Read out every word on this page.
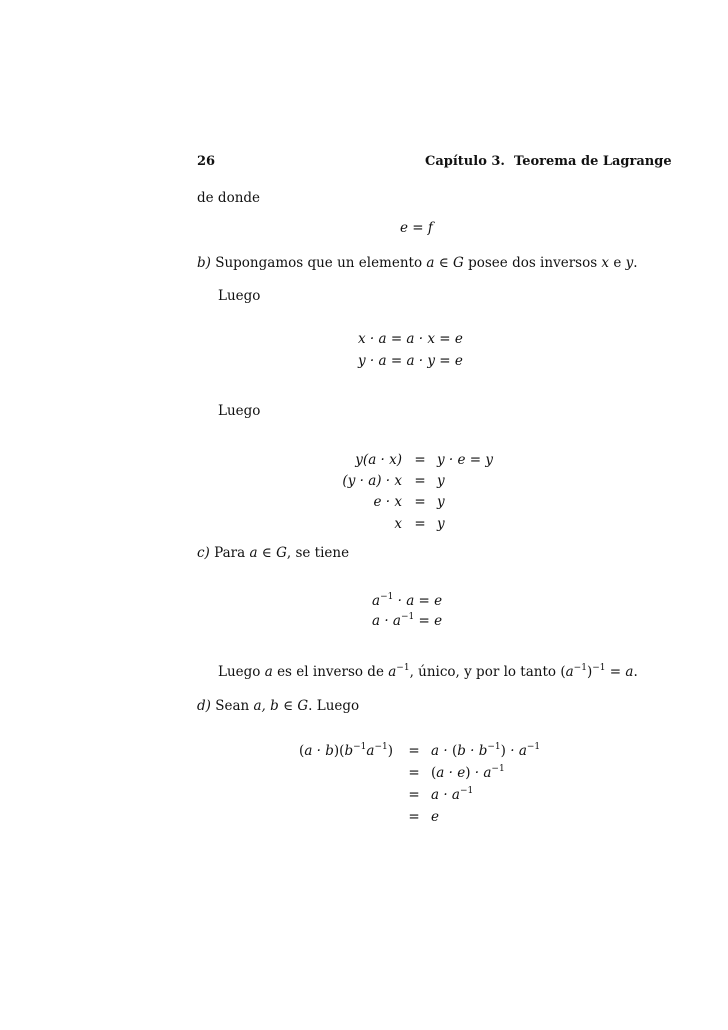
26	Capítulo 3. Teorema de Lagrange
de donde
e = f
b) Supongamos que un elemento a ∈ G posee dos inversos x e y.
Luego
x · a = a · x = e
y · a = a · y = e
Luego
y(a · x) = y · e = y
(y · a) · x = y
e · x = y
x = y
c) Para a ∈ G, se tiene
$a^{-1} \cdot a = e$
$a \cdot a^{-1} = e$
Luego a es el inverso de $a^{-1}$, único, y por lo tanto $(a^{-1})^{-1} = a$.
d) Sean a, b ∈ G. Luego
$(a \cdot b)(b^{-1}a^{-1})$	= $a \cdot (b \cdot b^{-1}) \cdot a^{-1}$
= $(a \cdot e) \cdot a^{-1}$
= $a \cdot a^{-1}$
= e
